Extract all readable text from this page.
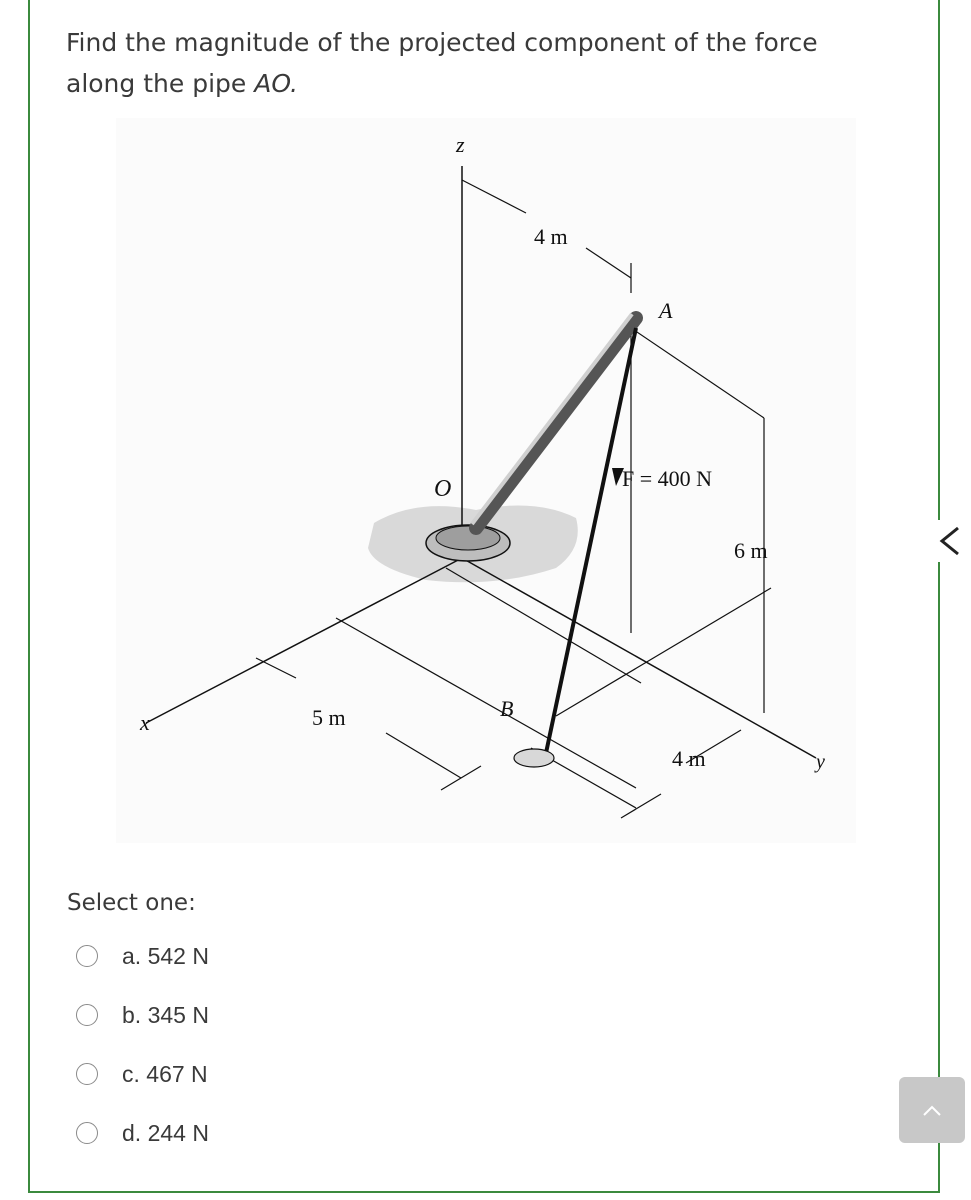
Find the magnitude of the projected component of the force
along the pipe AO.
z
x
y
O
A
B
4 m
F = 400 N
6 m
5 m
4 m
Select one:
a. 542 N
b. 345 N
c. 467 N
d. 244 N
